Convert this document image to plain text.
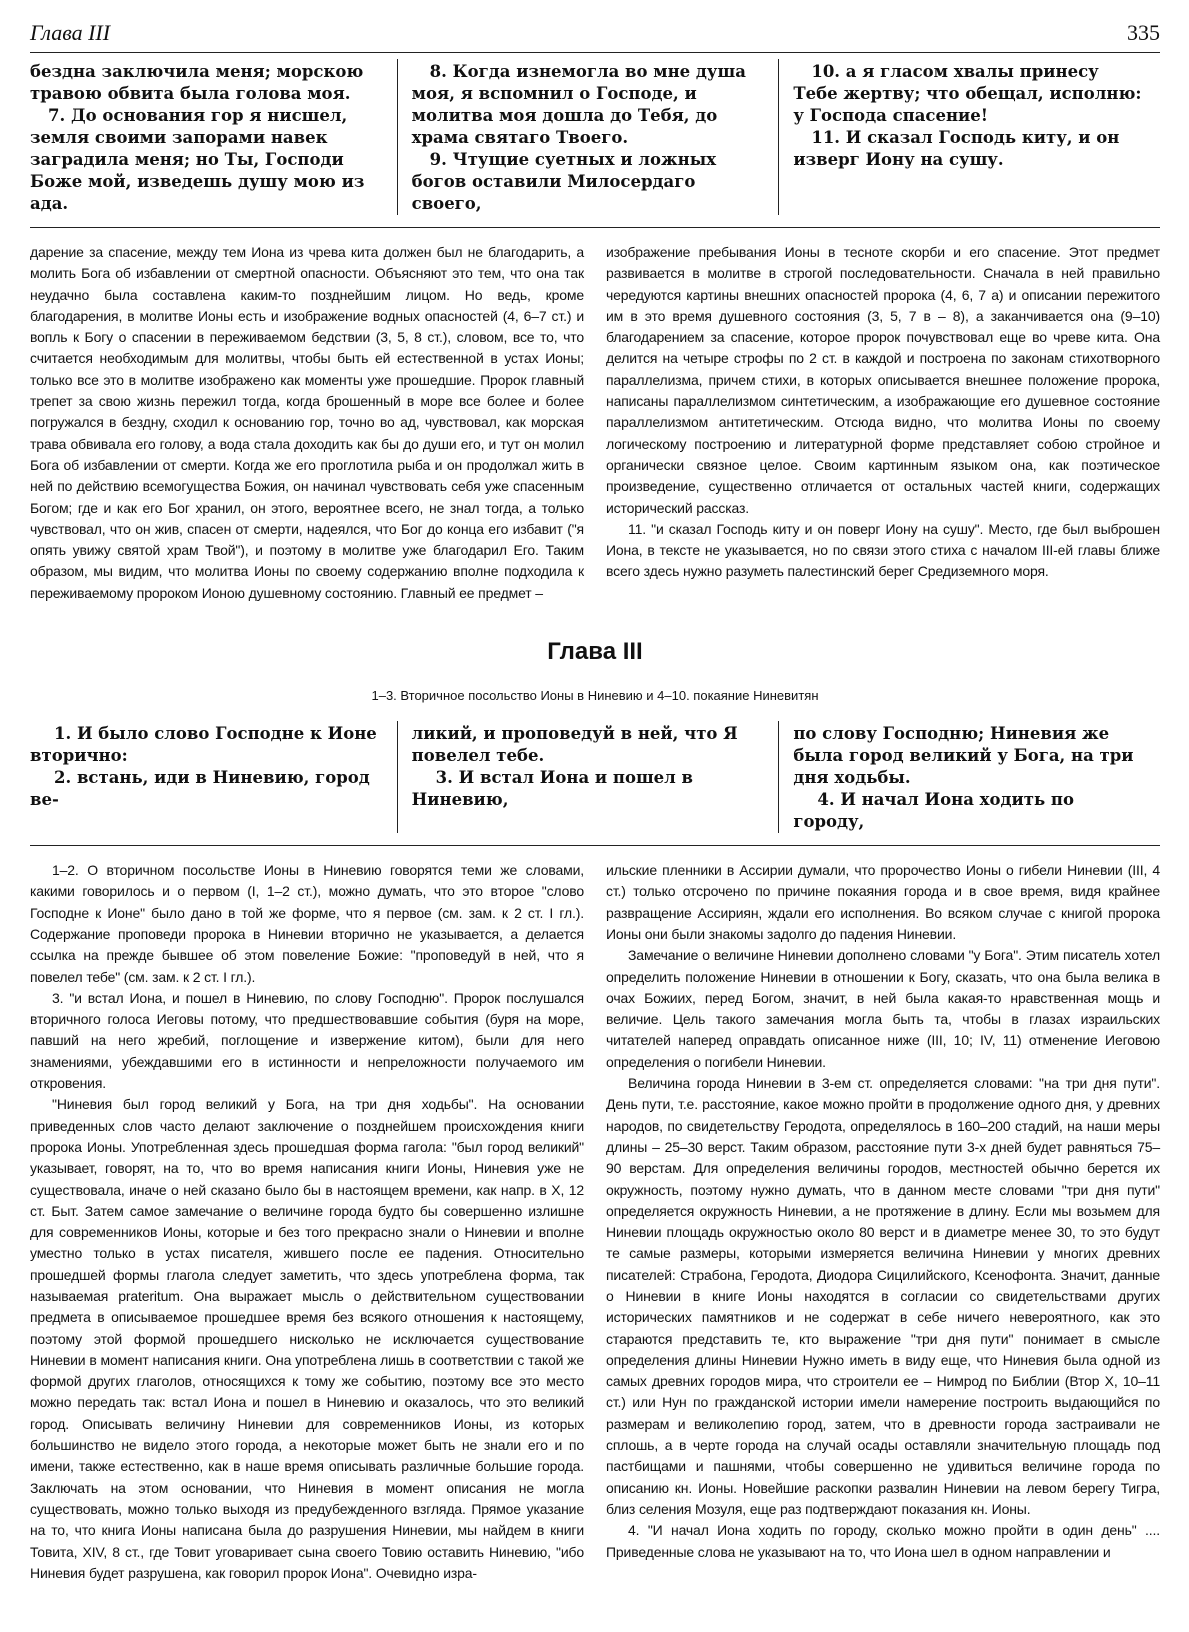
Глава III	335

бездна заключила меня; морскою травою обвита была голова моя.

7. До основания гор я нисшел, земля своими запорами навек заградила меня; но Ты, Господи Боже мой, изведешь душу мою из ада.

8. Когда изнемогла во мне душа моя, я вспомнил о Господе, и молитва моя дошла до Тебя, до храма святаго Твоего.

9. Чтущие суетных и ложных богов оставили Милосердаго своего,

10. а я гласом хвалы принесу Тебе жертву; что обещал, исполню: у Господа спасение!

11. И сказал Господь киту, и он изверг Иону на сушу.

дарение за спасение, между тем Иона из чрева кита должен был не благодарить, а молить Бога об избавлении от смертной опасности. Объясняют это тем, что она так неудачно была составлена каким-то позднейшим лицом. Но ведь, кроме благодарения, в молитве Ионы есть и изображение водных опасностей (4, 6–7 ст.) и вопль к Богу о спасении в переживаемом бедствии (3, 5, 8 ст.), словом, все то, что считается необходимым для молитвы, чтобы быть ей естественной в устах Ионы; только все это в молитве изображено как моменты уже прошедшие. Пророк главный трепет за свою жизнь пережил тогда, когда брошенный в море все более и более погружался в бездну, сходил к основанию гор, точно во ад, чувствовал, как морская трава обвивала его голову, а вода стала доходить как бы до души его, и тут он молил Бога об избавлении от смерти. Когда же его проглотила рыба и он продолжал жить в ней по действию всемогущества Божия, он начинал чувствовать себя уже спасенным Богом; где и как его Бог хранил, он этого, вероятнее всего, не знал тогда, а только чувствовал, что он жив, спасен от смерти, надеялся, что Бог до конца его избавит ("я опять увижу святой храм Твой"), и поэтому в молитве уже благодарил Его. Таким образом, мы видим, что молитва Ионы по своему содержанию вполне подходила к переживаемому пророком Ионою душевному состоянию. Главный ее предмет –

изображение пребывания Ионы в тесноте скорби и его спасение. Этот предмет развивается в молитве в строгой последовательности. Сначала в ней правильно чередуются картины внешних опасностей пророка (4, 6, 7 а) и описании пережитого им в это время душевного состояния (3, 5, 7 в – 8), а заканчивается она (9–10) благодарением за спасение, которое пророк почувствовал еще во чреве кита. Она делится на четыре строфы по 2 ст. в каждой и построена по законам стихотворного параллелизма, причем стихи, в которых описывается внешнее положение пророка, написаны параллелизмом синтетическим, а изображающие его душевное состояние параллелизмом антитетическим. Отсюда видно, что молитва Ионы по своему логическому построению и литературной форме представляет собою стройное и органически связное целое. Своим картинным языком она, как поэтическое произведение, существенно отличается от остальных частей книги, содержащих исторический рассказ.

11. "и сказал Господь киту и он поверг Иону на сушу". Место, где был выброшен Иона, в тексте не указывается, но по связи этого стиха с началом III-ей главы ближе всего здесь нужно разуметь палестинский берег Средиземного моря.

Глава III
1–3. Вторичное посольство Ионы в Ниневию и 4–10. покаяние Ниневитян

1. И было слово Господне к Ионе вторично:

2. встань, иди в Ниневию, город ве-

ликий, и проповедуй в ней, что Я повелел тебе.

3. И встал Иона и пошел в Ниневию,

по слову Господню; Ниневия же была город великий у Бога, на три дня ходьбы.

4. И начал Иона ходить по городу,

1–2. О вторичном посольстве Ионы в Ниневию говорятся теми же словами, какими говорилось и о первом (I, 1–2 ст.), можно думать, что это второе "слово Господне к Ионе" было дано в той же форме, что я первое (см. зам. к 2 ст. I гл.). Содержание проповеди пророка в Ниневии вторично не указывается, а делается ссылка на прежде бывшее об этом повеление Божие: "проповедуй в ней, что я повелел тебе" (см. зам. к 2 ст. I гл.).

3. "и встал Иона, и пошел в Ниневию, по слову Господню". Пророк послушался вторичного голоса Иеговы потому, что предшествовавшие события (буря на море, павший на него жребий, поглощение и извержение китом), были для него знамениями, убеждавшими его в истинности и непреложности получаемого им откровения.

"Ниневия был город великий у Бога, на три дня ходьбы". На основании приведенных слов часто делают заключение о позднейшем происхождения книги пророка Ионы. Употребленная здесь прошедшая форма гагола: "был город великий" указывает, говорят, на то, что во время написания книги Ионы, Ниневия уже не существовала, иначе о ней сказано было бы в настоящем времени, как напр. в X, 12 ст. Быт. Затем самое замечание о величине города будто бы совершенно излишне для современников Ионы, которые и без того прекрасно знали о Ниневии и вполне уместно только в устах писателя, жившего после ее падения. Относительно прошедшей формы глагола следует заметить, что здесь употреблена форма, так называемая prateritum. Она выражает мысль о действительном существовании предмета в описываемое прошедшее время без всякого отношения к настоящему, поэтому этой формой прошедшего нисколько не исключается существование Ниневии в момент написания книги. Она употреблена лишь в соответствии с такой же формой других глаголов, относящихся к тому же событию, поэтому все это место можно передать так: встал Иона и пошел в Ниневию и оказалось, что это великий город. Описывать величину Ниневии для современников Ионы, из которых большинство не видело этого города, а некоторые может быть не знали его и по имени, также естественно, как в наше время описывать различные большие города. Заключать на этом основании, что Ниневия в момент описания не могла существовать, можно только выходя из предубежденного взгляда. Прямое указание на то, что книга Ионы написана была до разрушения Ниневии, мы найдем в книги Товита, XIV, 8 ст., где Товит уговаривает сына своего Товию оставить Ниневию, "ибо Ниневия будет разрушена, как говорил пророк Иона". Очевидно изра-

ильские пленники в Ассирии думали, что пророчество Ионы о гибели Ниневии (III, 4 ст.) только отсрочено по причине покаяния города и в свое время, видя крайнее развращение Ассириян, ждали его исполнения. Во всяком случае с книгой пророка Ионы они были знакомы задолго до падения Ниневии.

Замечание о величине Ниневии дополнено словами "у Бога". Этим писатель хотел определить положение Ниневии в отношении к Богу, сказать, что она была велика в очах Божиих, перед Богом, значит, в ней была какая-то нравственная мощь и величие. Цель такого замечания могла быть та, чтобы в глазах израильских читателей наперед оправдать описанное ниже (III, 10; IV, 11) отменение Иеговою определения о погибели Ниневии.

Величина города Ниневии в 3-ем ст. определяется словами: "на три дня пути". День пути, т.е. расстояние, какое можно пройти в продолжение одного дня, у древних народов, по свидетельству Геродота, определялось в 160–200 стадий, на наши меры длины – 25–30 верст. Таким образом, расстояние пути 3-х дней будет равняться 75–90 верстам. Для определения величины городов, местностей обычно берется их окружность, поэтому нужно думать, что в данном месте словами "три дня пути" определяется окружность Ниневии, а не протяжение в длину. Если мы возьмем для Ниневии площадь окружностью около 80 верст и в диаметре менее 30, то это будут те самые размеры, которыми измеряется величина Ниневии у многих древних писателей: Страбона, Геродота, Диодора Сицилийского, Ксенофонта. Значит, данные о Ниневии в книге Ионы находятся в согласии со свидетельствами других исторических памятников и не содержат в себе ничего невероятного, как это стараются представить те, кто выражение "три дня пути" понимает в смысле определения длины Ниневии Нужно иметь в виду еще, что Ниневия была одной из самых древних городов мира, что строители ее – Нимрод по Библии (Втор X, 10–11 ст.) или Нун по гражданской истории имели намерение построить выдающийся по размерам и великолепию город, затем, что в древности города застраивали не сплошь, а в черте города на случай осады оставляли значительную площадь под пастбищами и пашнями, чтобы совершенно не удивиться величине города по описанию кн. Ионы. Новейшие раскопки развалин Ниневии на левом берегу Тигра, близ селения Мозуля, еще раз подтверждают показания кн. Ионы.

4. "И начал Иона ходить по городу, сколько можно пройти в один день" .... Приведенные слова не указывают на то, что Иона шел в одном направлении и
